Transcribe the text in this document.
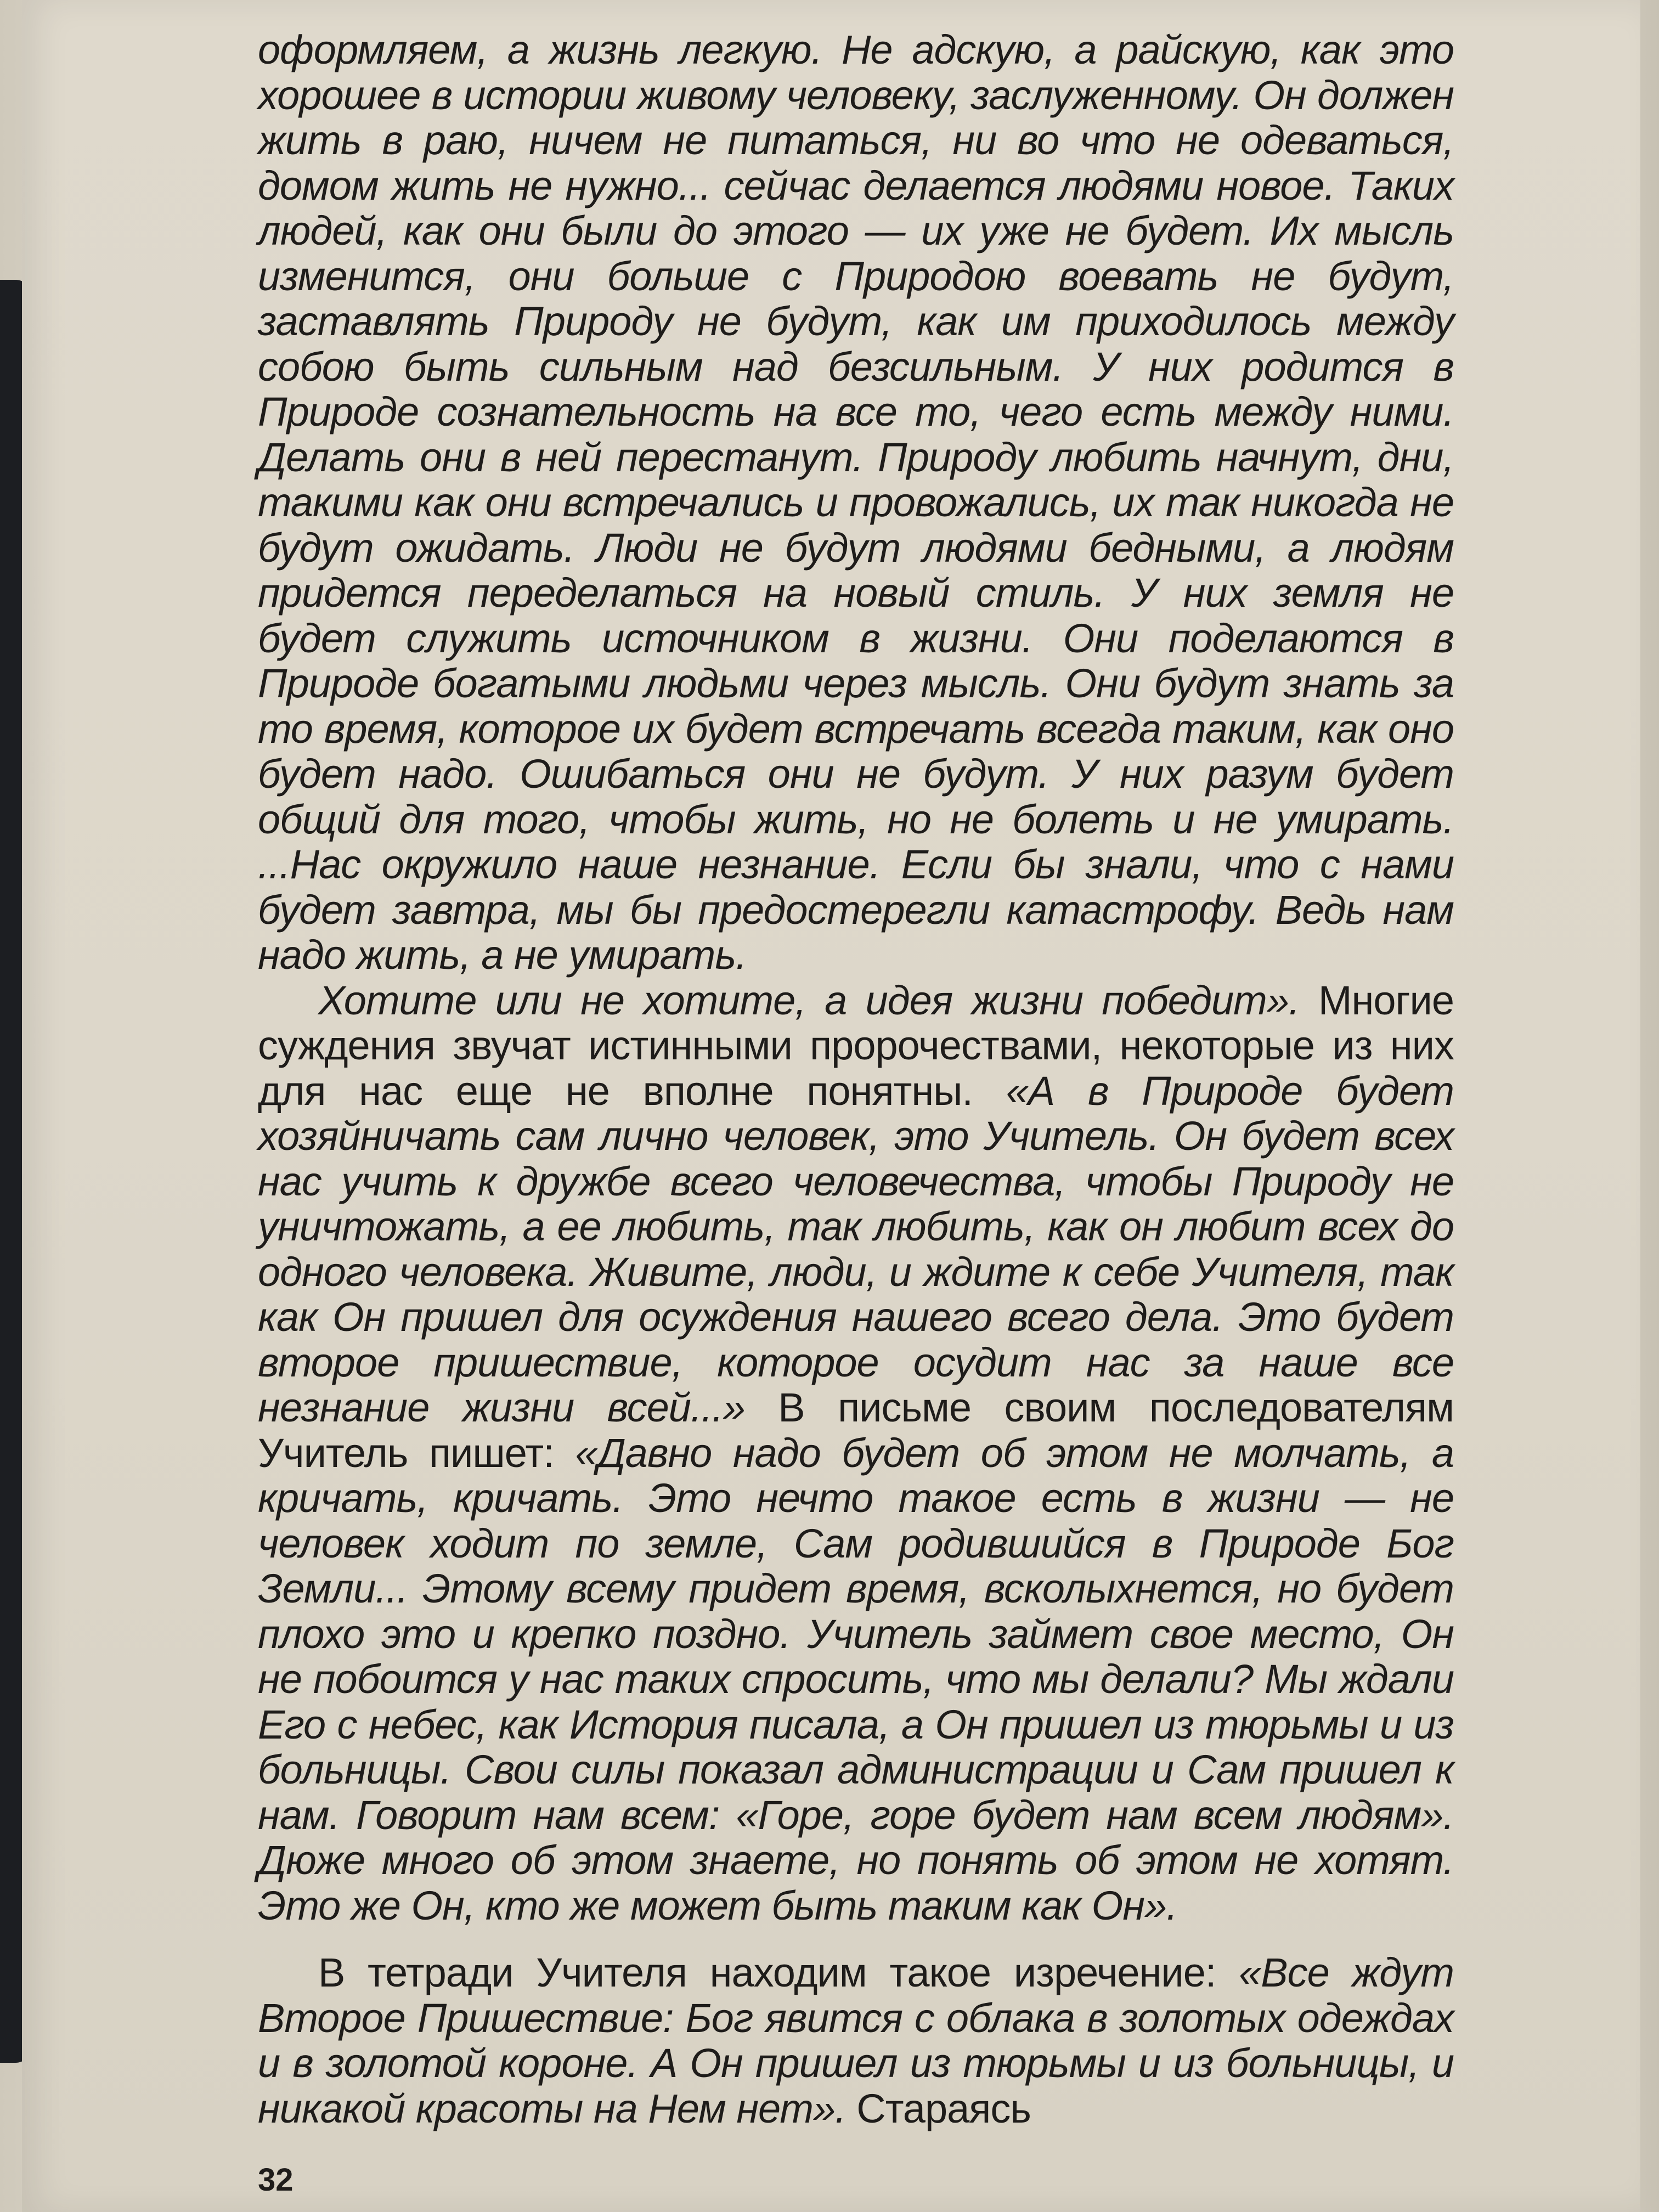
оформляем, а жизнь легкую. Не адскую, а райскую, как это хорошее в истории живому человеку, заслуженному. Он должен жить в раю, ничем не питаться, ни во что не одеваться, домом жить не нужно... сейчас делается людями новое. Таких людей, как они были до этого — их уже не будет. Их мысль изменится, они больше с Природою воевать не будут, заставлять Природу не будут, как им приходилось между собою быть сильным над безсильным. У них родится в Природе сознательность на все то, чего есть между ними. Делать они в ней перестанут. Природу любить начнут, дни, такими как они встречались и провожались, их так никогда не будут ожидать. Люди не будут людями бедными, а людям придется переделаться на новый стиль. У них земля не будет служить источником в жизни. Они поделаются в Природе богатыми людьми через мысль. Они будут знать за то время, которое их будет встречать всегда таким, как оно будет надо. Ошибаться они не будут. У них разум будет общий для того, чтобы жить, но не болеть и не умирать. ...Нас окружило наше незнание. Если бы знали, что с нами будет завтра, мы бы предостерегли катастрофу. Ведь нам надо жить, а не умирать.

Хотите или не хотите, а идея жизни победит». Многие суждения звучат истинными пророчествами, некоторые из них для нас еще не вполне понятны. «А в Природе будет хозяйничать сам лично человек, это Учитель. Он будет всех нас учить к дружбе всего человечества, чтобы Природу не уничтожать, а ее любить, так любить, как он любит всех до одного человека. Живите, люди, и ждите к себе Учителя, так как Он пришел для осуждения нашего всего дела. Это будет второе пришествие, которое осудит нас за наше все незнание жизни всей...» В письме своим последователям Учитель пишет: «Давно надо будет об этом не молчать, а кричать, кричать. Это нечто такое есть в жизни — не человек ходит по земле, Сам родившийся в Природе Бог Земли... Этому всему придет время, всколыхнется, но будет плохо это и крепко поздно. Учитель займет свое место, Он не побоится у нас таких спросить, что мы делали? Мы ждали Его с небес, как История писала, а Он пришел из тюрьмы и из больницы. Свои силы показал администрации и Сам пришел к нам. Говорит нам всем: «Горе, горе будет нам всем людям». Дюже много об этом знаете, но понять об этом не хотят. Это же Он, кто же может быть таким как Он».

В тетради Учителя находим такое изречение: «Все ждут Второе Пришествие: Бог явится с облака в золотых одеждах и в золотой короне. А Он пришел из тюрьмы и из больницы, и никакой красоты на Нем нет». Стараясь

32
